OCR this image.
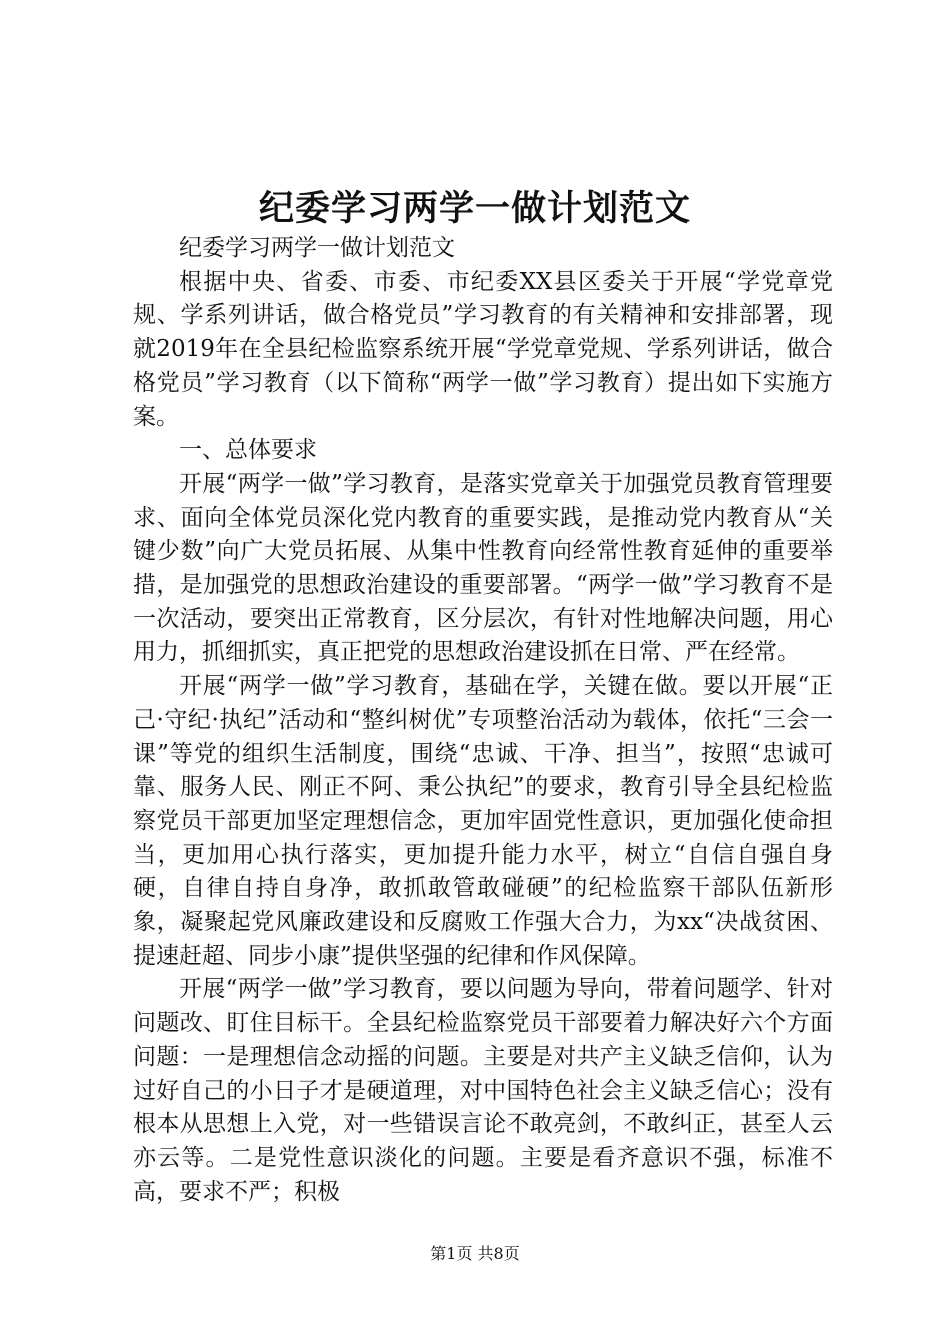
纪委学习两学一做计划范文

纪委学习两学一做计划范文

根据中央、省委、市委、市纪委XX县区委关于开展“学党章党规、学系列讲话，做合格党员”学习教育的有关精神和安排部署，现就2019年在全县纪检监察系统开展“学党章党规、学系列讲话，做合格党员”学习教育（以下简称“两学一做”学习教育）提出如下实施方案。

一、总体要求

开展“两学一做”学习教育，是落实党章关于加强党员教育管理要求、面向全体党员深化党内教育的重要实践，是推动党内教育从“关键少数”向广大党员拓展、从集中性教育向经常性教育延伸的重要举措，是加强党的思想政治建设的重要部署。“两学一做”学习教育不是一次活动，要突出正常教育，区分层次，有针对性地解决问题，用心用力，抓细抓实，真正把党的思想政治建设抓在日常、严在经常。

开展“两学一做”学习教育，基础在学，关键在做。要以开展“正己·守纪·执纪”活动和“整纠树优”专项整治活动为载体，依托“三会一课”等党的组织生活制度，围绕“忠诚、干净、担当”，按照“忠诚可靠、服务人民、刚正不阿、秉公执纪”的要求，教育引导全县纪检监察党员干部更加坚定理想信念，更加牢固党性意识，更加强化使命担当，更加用心执行落实，更加提升能力水平，树立“自信自强自身硬，自律自持自身净，敢抓敢管敢碰硬”的纪检监察干部队伍新形象，凝聚起党风廉政建设和反腐败工作强大合力，为xx“决战贫困、提速赶超、同步小康”提供坚强的纪律和作风保障。

开展“两学一做”学习教育，要以问题为导向，带着问题学、针对问题改、盯住目标干。全县纪检监察党员干部要着力解决好六个方面问题：一是理想信念动摇的问题。主要是对共产主义缺乏信仰，认为过好自己的小日子才是硬道理，对中国特色社会主义缺乏信心；没有根本从思想上入党，对一些错误言论不敢亮剑，不敢纠正，甚至人云亦云等。二是党性意识淡化的问题。主要是看齐意识不强，标准不高，要求不严；积极

第1页 共8页
